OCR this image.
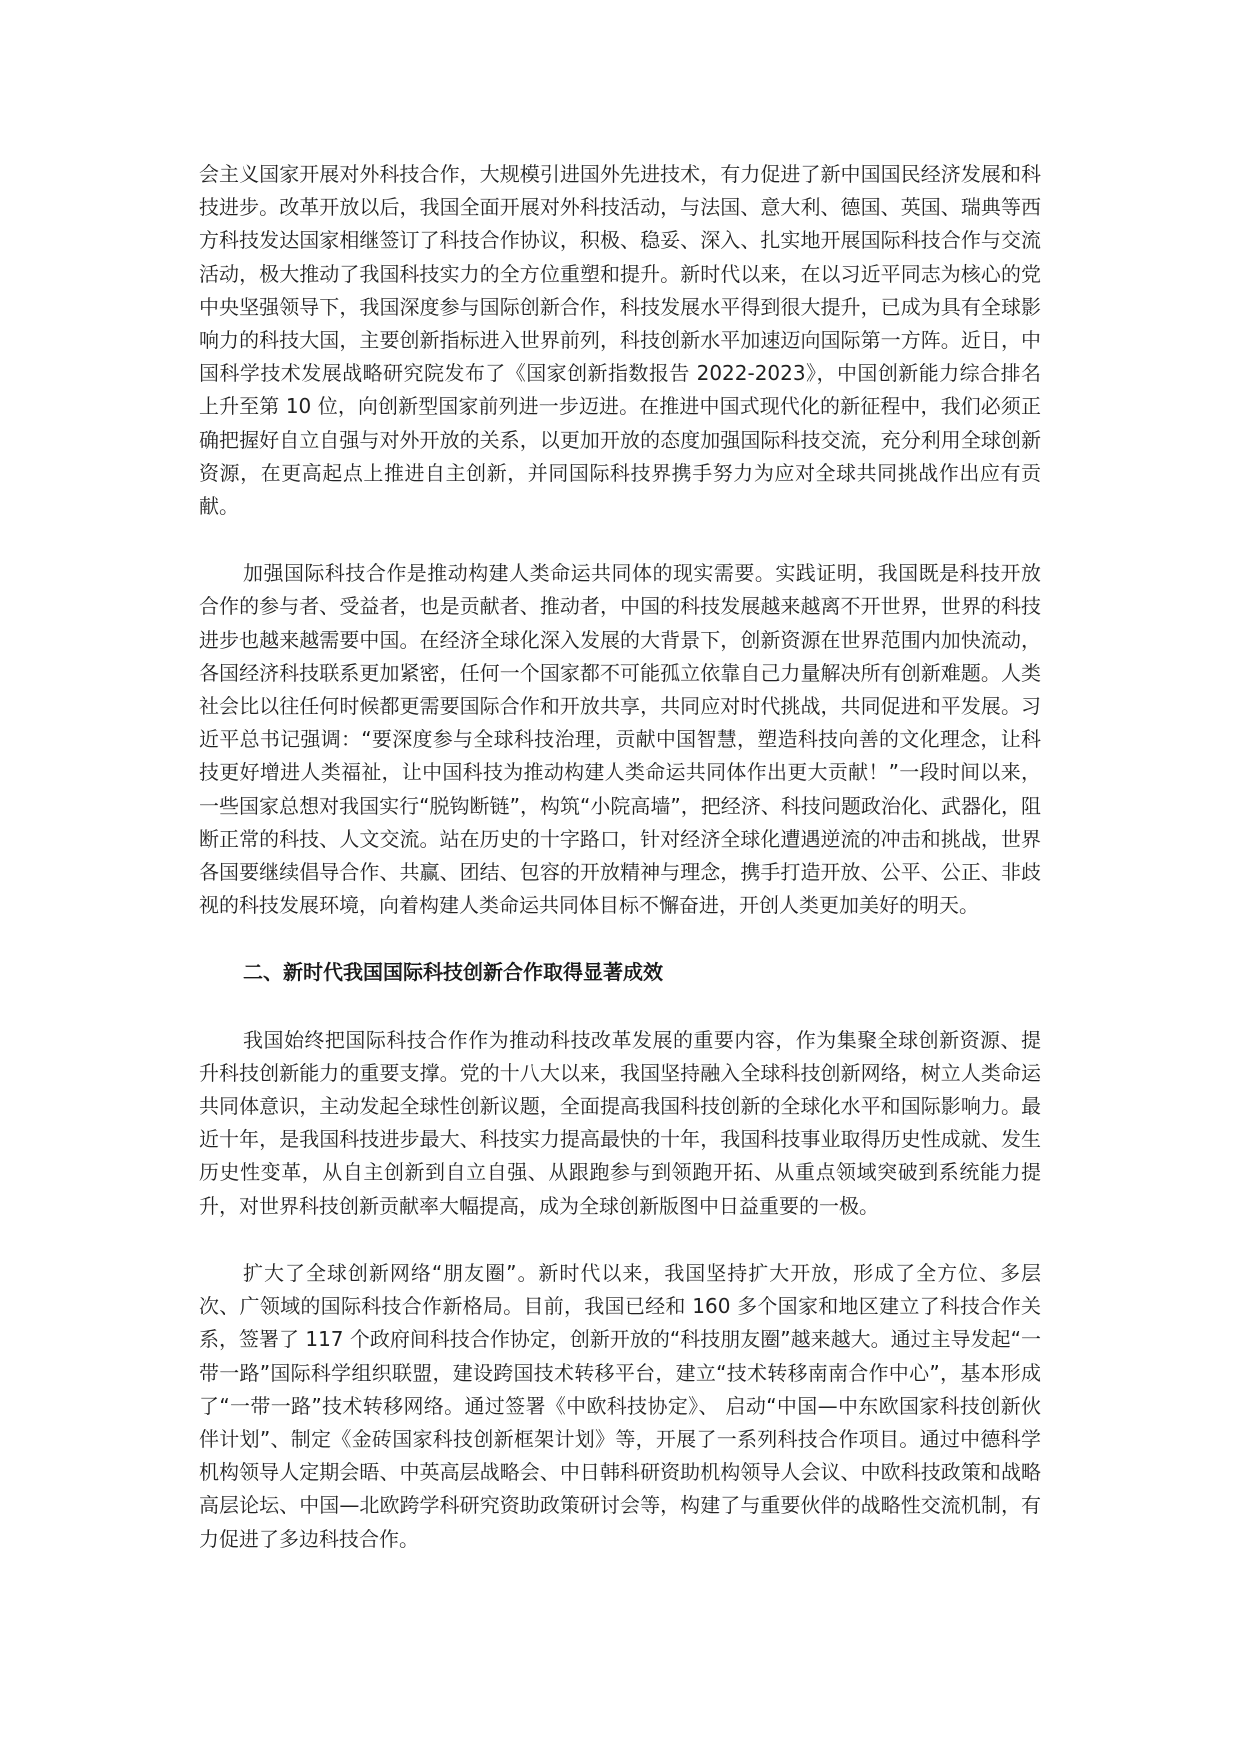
会主义国家开展对外科技合作，大规模引进国外先进技术，有力促进了新中国国民经济发展和科技进步。改革开放以后，我国全面开展对外科技活动，与法国、意大利、德国、英国、瑞典等西方科技发达国家相继签订了科技合作协议，积极、稳妥、深入、扎实地开展国际科技合作与交流活动，极大推动了我国科技实力的全方位重塑和提升。新时代以来，在以习近平同志为核心的党中央坚强领导下，我国深度参与国际创新合作，科技发展水平得到很大提升，已成为具有全球影响力的科技大国，主要创新指标进入世界前列，科技创新水平加速迈向国际第一方阵。近日，中国科学技术发展战略研究院发布了《国家创新指数报告 2022-2023》，中国创新能力综合排名上升至第 10 位，向创新型国家前列进一步迈进。在推进中国式现代化的新征程中，我们必须正确把握好自立自强与对外开放的关系，以更加开放的态度加强国际科技交流，充分利用全球创新资源，在更高起点上推进自主创新，并同国际科技界携手努力为应对全球共同挑战作出应有贡献。

加强国际科技合作是推动构建人类命运共同体的现实需要。实践证明，我国既是科技开放合作的参与者、受益者，也是贡献者、推动者，中国的科技发展越来越离不开世界，世界的科技进步也越来越需要中国。在经济全球化深入发展的大背景下，创新资源在世界范围内加快流动，各国经济科技联系更加紧密，任何一个国家都不可能孤立依靠自己力量解决所有创新难题。人类社会比以往任何时候都更需要国际合作和开放共享，共同应对时代挑战，共同促进和平发展。习近平总书记强调：“要深度参与全球科技治理，贡献中国智慧，塑造科技向善的文化理念，让科技更好增进人类福祉，让中国科技为推动构建人类命运共同体作出更大贡献！”一段时间以来，一些国家总想对我国实行“脱钩断链”，构筑“小院高墙”，把经济、科技问题政治化、武器化，阻断正常的科技、人文交流。站在历史的十字路口，针对经济全球化遭遇逆流的冲击和挑战，世界各国要继续倡导合作、共赢、团结、包容的开放精神与理念，携手打造开放、公平、公正、非歧视的科技发展环境，向着构建人类命运共同体目标不懈奋进，开创人类更加美好的明天。

二、新时代我国国际科技创新合作取得显著成效

我国始终把国际科技合作作为推动科技改革发展的重要内容，作为集聚全球创新资源、提升科技创新能力的重要支撑。党的十八大以来，我国坚持融入全球科技创新网络，树立人类命运共同体意识，主动发起全球性创新议题，全面提高我国科技创新的全球化水平和国际影响力。最近十年，是我国科技进步最大、科技实力提高最快的十年，我国科技事业取得历史性成就、发生历史性变革，从自主创新到自立自强、从跟跑参与到领跑开拓、从重点领域突破到系统能力提升，对世界科技创新贡献率大幅提高，成为全球创新版图中日益重要的一极。

扩大了全球创新网络“朋友圈”。新时代以来，我国坚持扩大开放，形成了全方位、多层次、广领域的国际科技合作新格局。目前，我国已经和 160 多个国家和地区建立了科技合作关系，签署了 117 个政府间科技合作协定，创新开放的“科技朋友圈”越来越大。通过主导发起“一带一路”国际科学组织联盟，建设跨国技术转移平台，建立“技术转移南南合作中心”，基本形成了“一带一路”技术转移网络。通过签署《中欧科技协定》、 启动“中国—中东欧国家科技创新伙伴计划”、制定《金砖国家科技创新框架计划》等，开展了一系列科技合作项目。通过中德科学机构领导人定期会晤、中英高层战略会、中日韩科研资助机构领导人会议、中欧科技政策和战略高层论坛、中国—北欧跨学科研究资助政策研讨会等，构建了与重要伙伴的战略性交流机制，有力促进了多边科技合作。
